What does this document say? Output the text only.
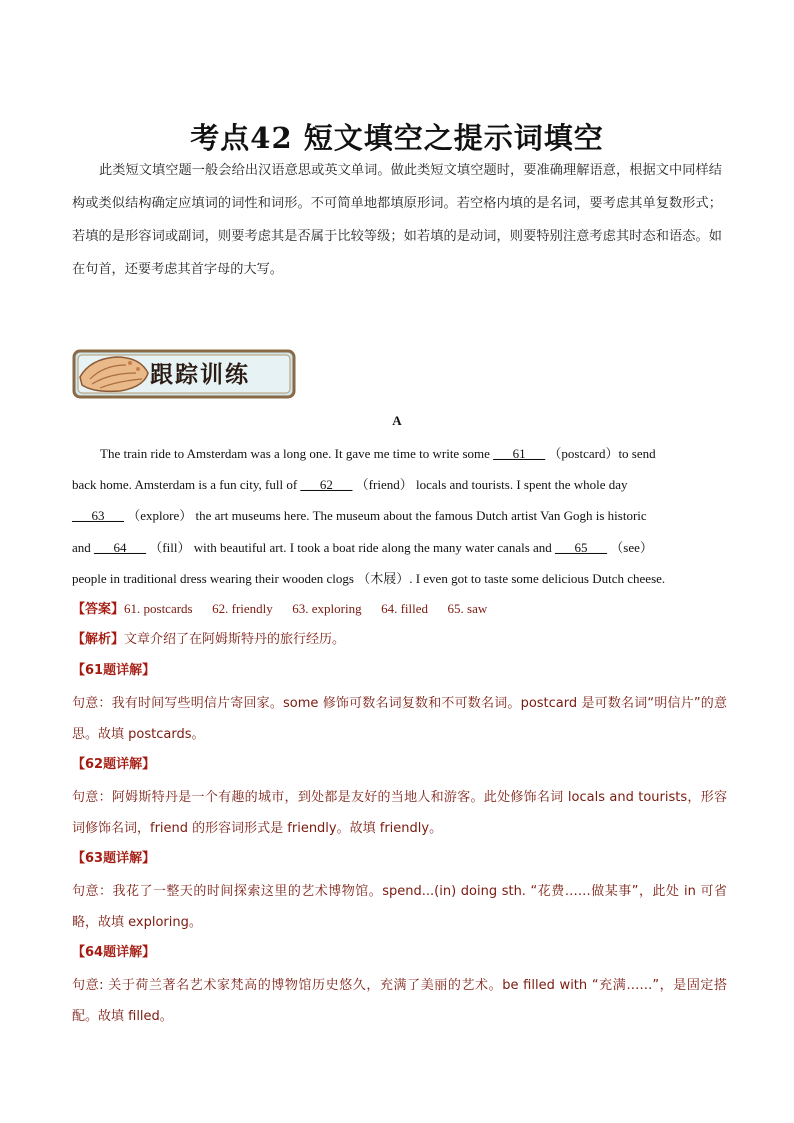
考点42 短文填空之提示词填空
此类短文填空题一般会给出汉语意思或英文单词。做此类短文填空题时，要准确理解语意，根据文中同样结构或类似结构确定应填词的词性和词形。不可简单地都填原形词。若空格内填的是名词，要考虑其单复数形式；若填的是形容词或副词，则要考虑其是否属于比较等级；如若填的是动词，则要特别注意考虑其时态和语态。如在句首，还要考虑其首字母的大写。
跟踪训练
A
The train ride to Amsterdam was a long one. It gave me time to write some ___61___ （postcard）to send
back home. Amsterdam is a fun city, full of ___62___ （friend） locals and tourists. I spent the whole day
___63___ （explore） the art museums here. The museum about the famous Dutch artist Van Gogh is historic
and ___64___ （fill） with beautiful art. I took a boat ride along the many water canals and ___65___ （see）
people in traditional dress wearing their wooden clogs （木屐）. I even got to taste some delicious Dutch cheese.
【答案】61. postcards      62. friendly      63. exploring      64. filled      65. saw
【解析】文章介绍了在阿姆斯特丹的旅行经历。
【61题详解】
句意：我有时间写些明信片寄回家。some 修饰可数名词复数和不可数名词。postcard 是可数名词“明信片”的意思。故填 postcards。
【62题详解】
句意：阿姆斯特丹是一个有趣的城市，到处都是友好的当地人和游客。此处修饰名词 locals and tourists，形容词修饰名词，friend 的形容词形式是 friendly。故填 friendly。
【63题详解】
句意：我花了一整天的时间探索这里的艺术博物馆。spend...(in) doing sth. “花费……做某事”，此处 in 可省略，故填 exploring。
【64题详解】
句意: 关于荷兰著名艺术家梵高的博物馆历史悠久，充满了美丽的艺术。be filled with “充满……”，是固定搭配。故填 filled。
